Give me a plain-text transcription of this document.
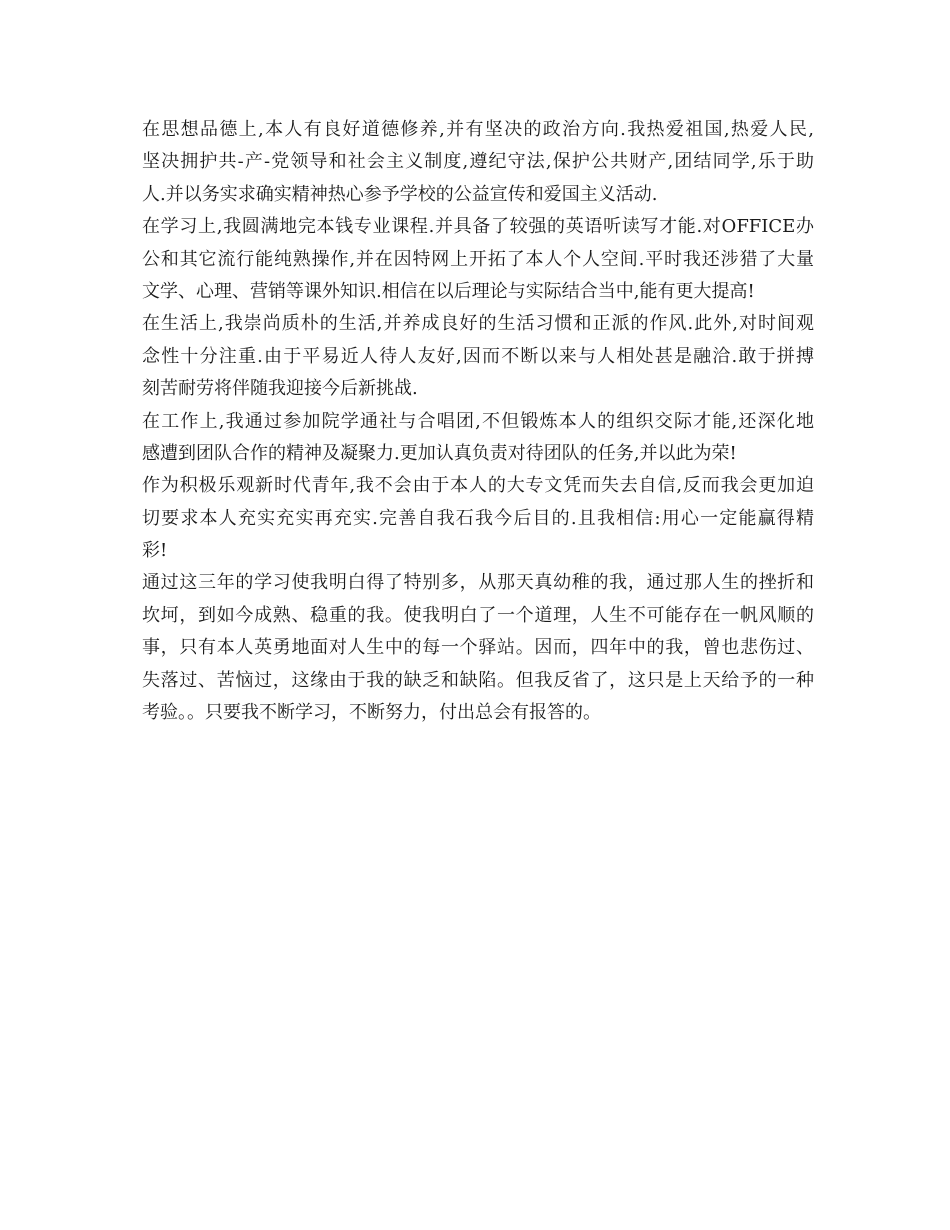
在思想品德上,本人有良好道德修养,并有坚决的政治方向.我热爱祖国,热爱人民,
坚决拥护共-产-党领导和社会主义制度,遵纪守法,保护公共财产,团结同学,乐于助
人.并以务实求确实精神热心参予学校的公益宣传和爱国主义活动.
在学习上,我圆满地完本钱专业课程.并具备了较强的英语听读写才能.对OFFICE办
公和其它流行能纯熟操作,并在因特网上开拓了本人个人空间.平时我还涉猎了大量
文学、心理、营销等课外知识.相信在以后理论与实际结合当中,能有更大提高!
在生活上,我崇尚质朴的生活,并养成良好的生活习惯和正派的作风.此外,对时间观
念性十分注重.由于平易近人待人友好,因而不断以来与人相处甚是融洽.敢于拼搏
刻苦耐劳将伴随我迎接今后新挑战.
在工作上,我通过参加院学通社与合唱团,不但锻炼本人的组织交际才能,还深化地
感遭到团队合作的精神及凝聚力.更加认真负责对待团队的任务,并以此为荣!
作为积极乐观新时代青年,我不会由于本人的大专文凭而失去自信,反而我会更加迫
切要求本人充实充实再充实.完善自我石我今后目的.且我相信:用心一定能赢得精
彩!
通过这三年的学习使我明白得了特别多，从那天真幼稚的我，通过那人生的挫折和
坎坷，到如今成熟、稳重的我。使我明白了一个道理，人生不可能存在一帆风顺的
事，只有本人英勇地面对人生中的每一个驿站。因而，四年中的我，曾也悲伤过、
失落过、苦恼过，这缘由于我的缺乏和缺陷。但我反省了，这只是上天给予的一种
考验。。只要我不断学习，不断努力，付出总会有报答的。
